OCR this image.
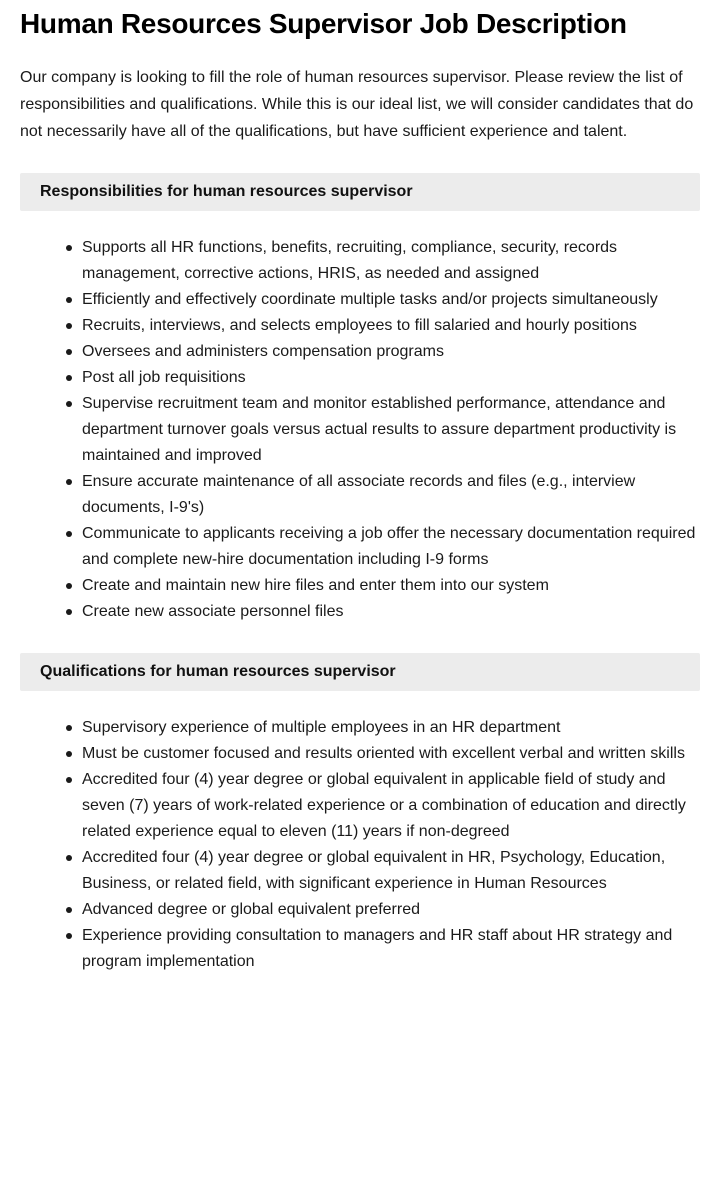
Human Resources Supervisor Job Description

Our company is looking to fill the role of human resources supervisor. Please review the list of responsibilities and qualifications. While this is our ideal list, we will consider candidates that do not necessarily have all of the qualifications, but have sufficient experience and talent.

Responsibilities for human resources supervisor
Supports all HR functions, benefits, recruiting, compliance, security, records management, corrective actions, HRIS, as needed and assigned
Efficiently and effectively coordinate multiple tasks and/or projects simultaneously
Recruits, interviews, and selects employees to fill salaried and hourly positions
Oversees and administers compensation programs
Post all job requisitions
Supervise recruitment team and monitor established performance, attendance and department turnover goals versus actual results to assure department productivity is maintained and improved
Ensure accurate maintenance of all associate records and files (e.g., interview documents, I-9's)
Communicate to applicants receiving a job offer the necessary documentation required and complete new-hire documentation including I-9 forms
Create and maintain new hire files and enter them into our system
Create new associate personnel files
Qualifications for human resources supervisor
Supervisory experience of multiple employees in an HR department
Must be customer focused and results oriented with excellent verbal and written skills
Accredited four (4) year degree or global equivalent in applicable field of study and seven (7) years of work-related experience or a combination of education and directly related experience equal to eleven (11) years if non-degreed
Accredited four (4) year degree or global equivalent in HR, Psychology, Education, Business, or related field, with significant experience in Human Resources
Advanced degree or global equivalent preferred
Experience providing consultation to managers and HR staff about HR strategy and program implementation
